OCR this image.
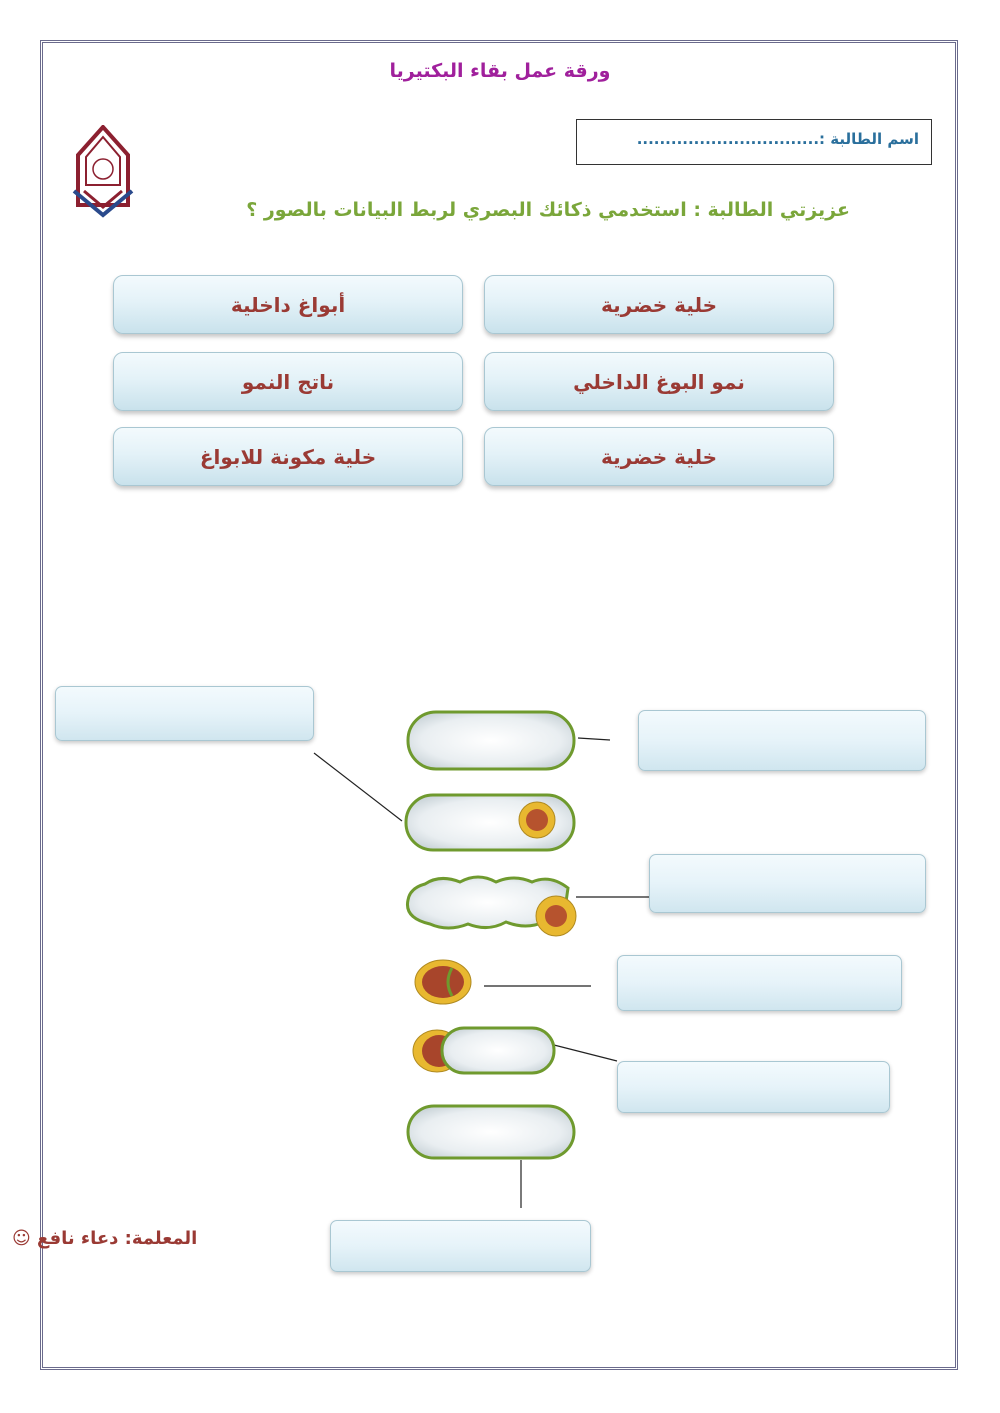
ورقة عمل بقاء البكتيريا
اسم الطالبة :................................
عزيزتي الطالبة : استخدمي ذكائك البصري لربط البيانات بالصور ؟
خلية خضرية
أبواغ داخلية
نمو البوغ الداخلي
ناتج النمو
خلية خضرية
خلية مكونة للابواغ
المعلمة: دعاء نافع ☺
